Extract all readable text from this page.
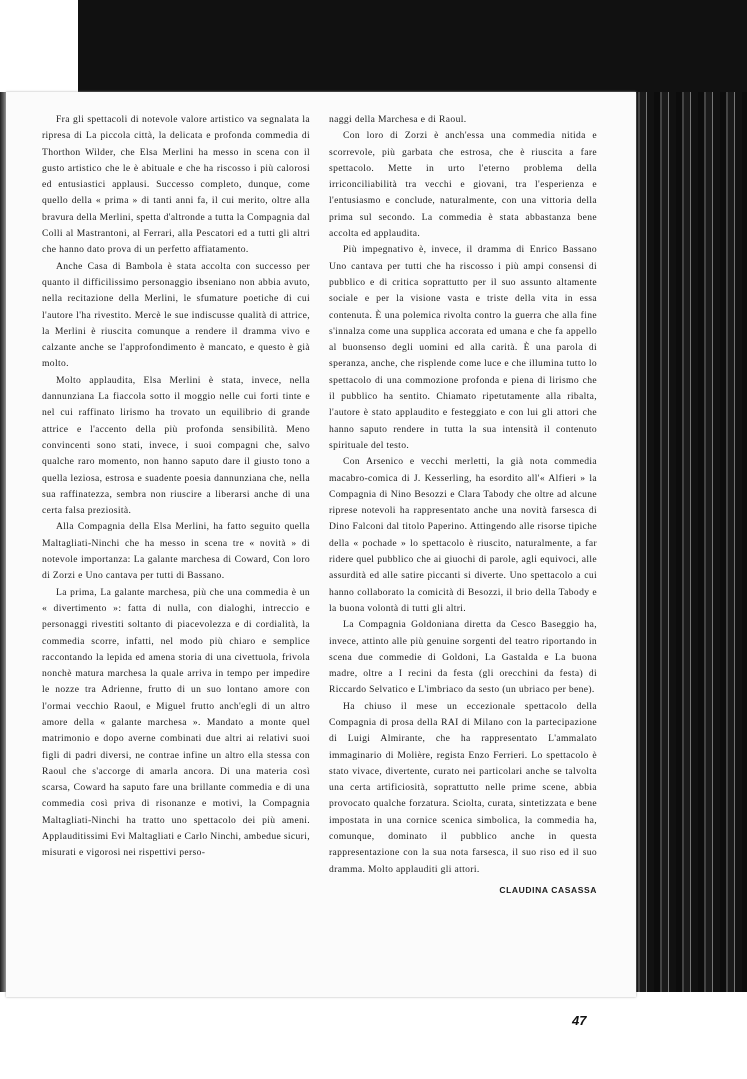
Fra gli spettacoli di notevole valore artistico va segnalata la ripresa di La piccola città, la delicata e profonda commedia di Thorthon Wilder, che Elsa Merlini ha messo in scena con il gusto artistico che le è abituale e che ha riscosso i più calorosi ed entusiastici applausi. Successo completo, dunque, come quello della « prima » di tanti anni fa, il cui merito, oltre alla bravura della Merlini, spetta d'altronde a tutta la Compagnia dal Colli al Mastrantoni, al Ferrari, alla Pescatori ed a tutti gli altri che hanno dato prova di un perfetto affiatamento.

Anche Casa di Bambola è stata accolta con successo per quanto il difficilissimo personaggio ibseniano non abbia avuto, nella recitazione della Merlini, le sfumature poetiche di cui l'autore l'ha rivestito. Mercè le sue indiscusse qualità di attrice, la Merlini è riuscita comunque a rendere il dramma vivo e calzante anche se l'approfondimento è mancato, e questo è già molto.

Molto applaudita, Elsa Merlini è stata, invece, nella dannunziana La fiaccola sotto il moggio nelle cui forti tinte e nel cui raffinato lirismo ha trovato un equilibrio di grande attrice e l'accento della più profonda sensibilità. Meno convincenti sono stati, invece, i suoi compagni che, salvo qualche raro momento, non hanno saputo dare il giusto tono a quella leziosa, estrosa e suadente poesia dannunziana che, nella sua raffinatezza, sembra non riuscire a liberarsi anche di una certa falsa preziosità.

Alla Compagnia della Elsa Merlini, ha fatto seguito quella Maltagliati-Ninchi che ha messo in scena tre « novità » di notevole importanza: La galante marchesa di Coward, Con loro di Zorzi e Uno cantava per tutti di Bassano.

La prima, La galante marchesa, più che una commedia è un « divertimento »: fatta di nulla, con dialoghi, intreccio e personaggi rivestiti soltanto di piacevolezza e di cordialità, la commedia scorre, infatti, nel modo più chiaro e semplice raccontando la lepida ed amena storia di una civettuola, frivola nonchè matura marchesa la quale arriva in tempo per impedire le nozze tra Adrienne, frutto di un suo lontano amore con l'ormai vecchio Raoul, e Miguel frutto anch'egli di un altro amore della « galante marchesa ». Mandato a monte quel matrimonio e dopo averne combinati due altri ai relativi suoi figli di padri diversi, ne contrae infine un altro ella stessa con Raoul che s'accorge di amarla ancora. Di una materia così scarsa, Coward ha saputo fare una brillante commedia e di una commedia così priva di risonanze e motivi, la Compagnia Maltagliati-Ninchi ha tratto uno spettacolo dei più ameni. Applauditissimi Evi Maltagliati e Carlo Ninchi, ambedue sicuri, misurati e vigorosi nei rispettivi perso-

naggi della Marchesa e di Raoul.

Con loro di Zorzi è anch'essa una commedia nitida e scorrevole, più garbata che estrosa, che è riuscita a fare spettacolo. Mette in urto l'eterno problema della irriconciliabilità tra vecchi e giovani, tra l'esperienza e l'entusiasmo e conclude, naturalmente, con una vittoria della prima sul secondo. La commedia è stata abbastanza bene accolta ed applaudita.

Più impegnativo è, invece, il dramma di Enrico Bassano Uno cantava per tutti che ha riscosso i più ampi consensi di pubblico e di critica soprattutto per il suo assunto altamente sociale e per la visione vasta e triste della vita in essa contenuta. È una polemica rivolta contro la guerra che alla fine s'innalza come una supplica accorata ed umana e che fa appello al buonsenso degli uomini ed alla carità. È una parola di speranza, anche, che risplende come luce e che illumina tutto lo spettacolo di una commozione profonda e piena di lirismo che il pubblico ha sentito. Chiamato ripetutamente alla ribalta, l'autore è stato applaudito e festeggiato e con lui gli attori che hanno saputo rendere in tutta la sua intensità il contenuto spirituale del testo.

Con Arsenico e vecchi merletti, la già nota commedia macabro-comica di J. Kesserling, ha esordito all'« Alfieri » la Compagnia di Nino Besozzi e Clara Tabody che oltre ad alcune riprese notevoli ha rappresentato anche una novità farsesca di Dino Falconi dal titolo Paperino. Attingendo alle risorse tipiche della « pochade » lo spettacolo è riuscito, naturalmente, a far ridere quel pubblico che ai giuochi di parole, agli equivoci, alle assurdità ed alle satire piccanti si diverte. Uno spettacolo a cui hanno collaborato la comicità di Besozzi, il brio della Tabody e la buona volontà di tutti gli altri.

La Compagnia Goldoniana diretta da Cesco Baseggio ha, invece, attinto alle più genuine sorgenti del teatro riportando in scena due commedie di Goldoni, La Gastalda e La buona madre, oltre a I recini da festa (gli orecchini da festa) di Riccardo Selvatico e L'imbriaco da sesto (un ubriaco per bene).

Ha chiuso il mese un eccezionale spettacolo della Compagnia di prosa della RAI di Milano con la partecipazione di Luigi Almirante, che ha rappresentato L'ammalato immaginario di Molière, regista Enzo Ferrieri. Lo spettacolo è stato vivace, divertente, curato nei particolari anche se talvolta una certa artificiosità, soprattutto nelle prime scene, abbia provocato qualche forzatura. Sciolta, curata, sintetizzata e bene impostata in una cornice scenica simbolica, la commedia ha, comunque, dominato il pubblico anche in questa rappresentazione con la sua nota farsesca, il suo riso ed il suo dramma. Molto applauditi gli attori.

CLAUDINA CASASSA

47
